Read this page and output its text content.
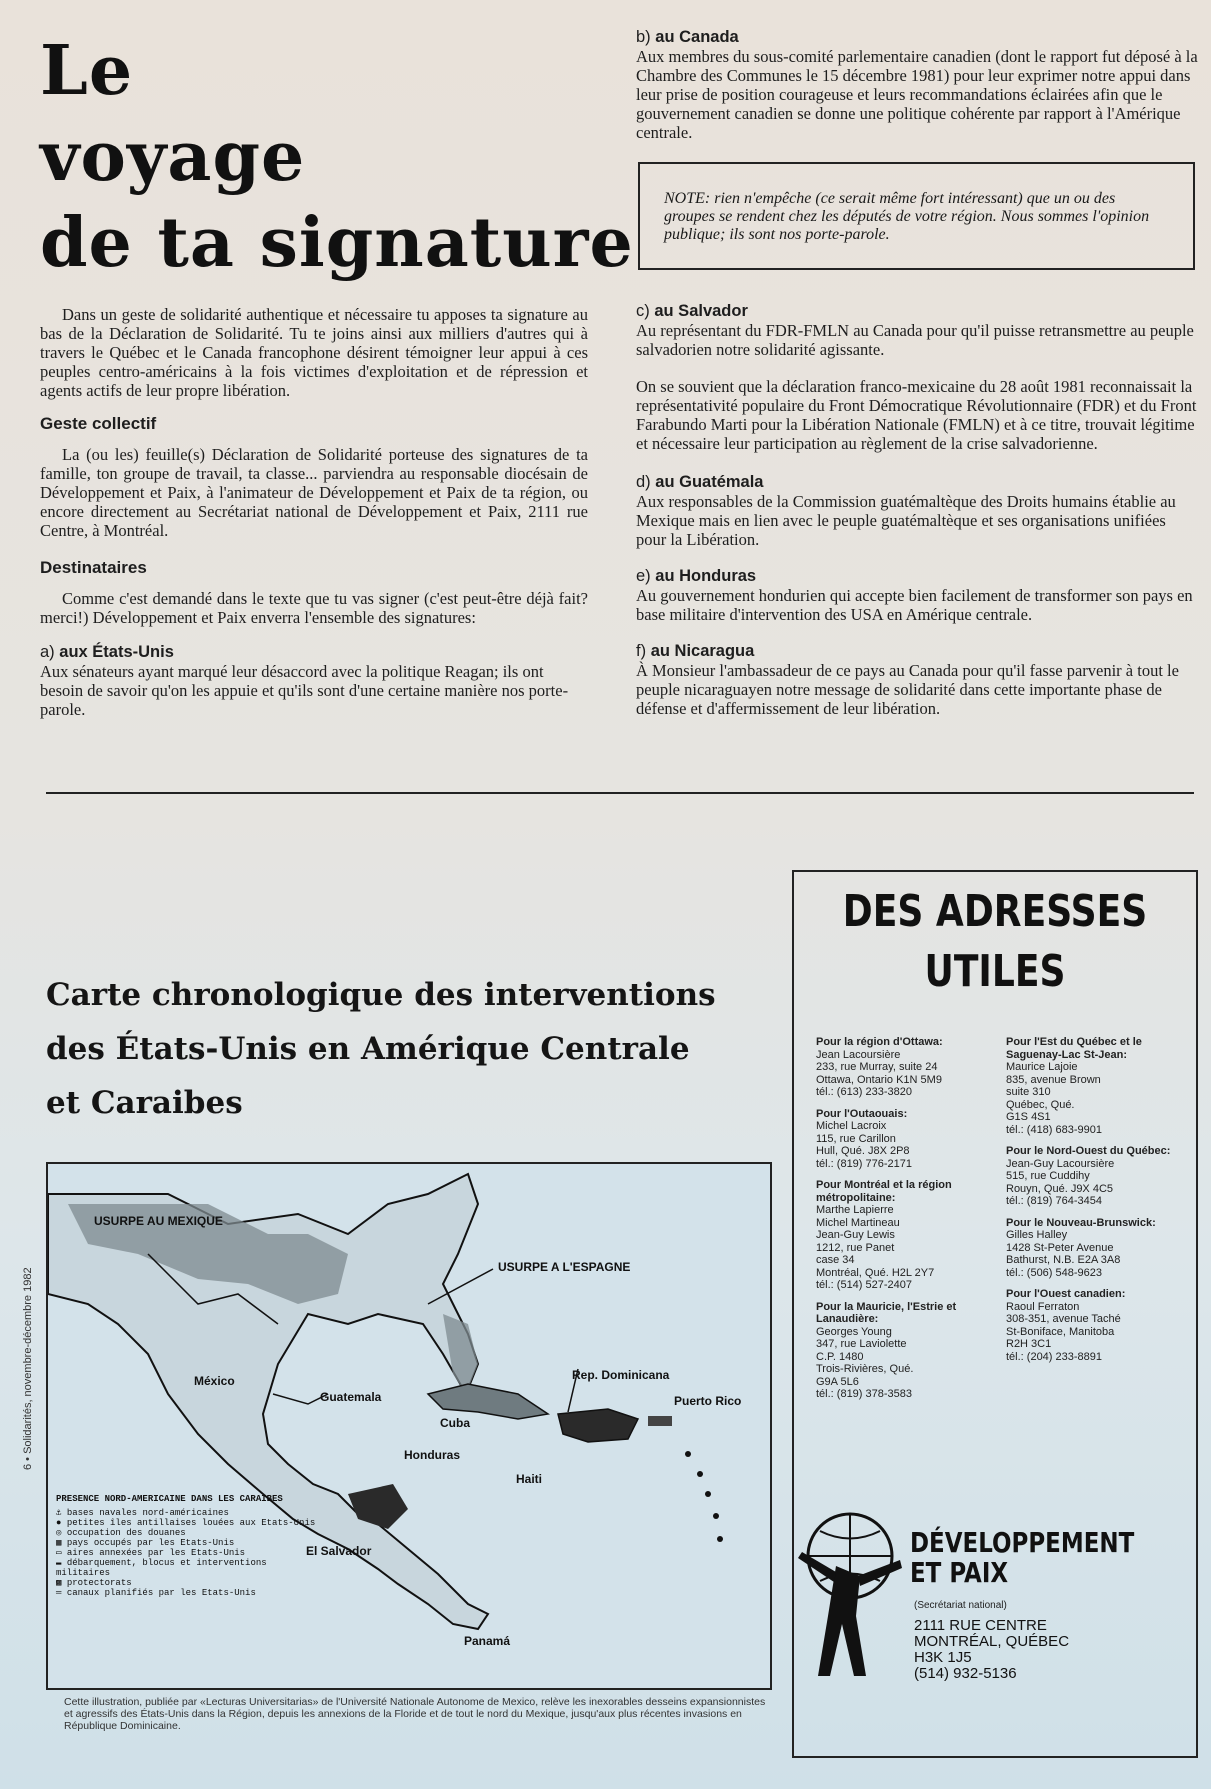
Le
voyage
de ta signature

Dans un geste de solidarité authentique et nécessaire tu apposes ta signature au bas de la Déclaration de Solidarité. Tu te joins ainsi aux milliers d'autres qui à travers le Québec et le Canada francophone désirent témoigner leur appui à ces peuples centro-américains à la fois victimes d'exploitation et de répression et agents actifs de leur propre libération.

Geste collectif

La (ou les) feuille(s) Déclaration de Solidarité porteuse des signatures de ta famille, ton groupe de travail, ta classe... parviendra au responsable diocésain de Développement et Paix, à l'animateur de Développement et Paix de ta région, ou encore directement au Secrétariat national de Développement et Paix, 2111 rue Centre, à Montréal.

Destinataires

Comme c'est demandé dans le texte que tu vas signer (c'est peut-être déjà fait? merci!) Développement et Paix enverra l'ensemble des signatures:

a) aux États-Unis
Aux sénateurs ayant marqué leur désaccord avec la politique Reagan; ils ont besoin de savoir qu'on les appuie et qu'ils sont d'une certaine manière nos porte-parole.
b) au Canada
Aux membres du sous-comité parlementaire canadien (dont le rapport fut déposé à la Chambre des Communes le 15 décembre 1981) pour leur exprimer notre appui dans leur prise de position courageuse et leurs recommandations éclairées afin que le gouvernement canadien se donne une politique cohérente par rapport à l'Amérique centrale.
NOTE: rien n'empêche (ce serait même fort intéressant) que un ou des groupes se rendent chez les députés de votre région. Nous sommes l'opinion publique; ils sont nos porte-parole.
c) au Salvador
Au représentant du FDR-FMLN au Canada pour qu'il puisse retransmettre au peuple salvadorien notre solidarité agissante.

On se souvient que la déclaration franco-mexicaine du 28 août 1981 reconnaissait la représentativité populaire du Front Démocratique Révolutionnaire (FDR) et du Front Farabundo Marti pour la Libération Nationale (FMLN) et à ce titre, trouvait légitime et nécessaire leur participation au règlement de la crise salvadorienne.

d) au Guatémala
Aux responsables de la Commission guatémaltèque des Droits humains établie au Mexique mais en lien avec le peuple guatémaltèque et ses organisations unifiées pour la Libération.
e) au Honduras
Au gouvernement hondurien qui accepte bien facilement de transformer son pays en base militaire d'intervention des USA en Amérique centrale.
f) au Nicaragua
À Monsieur l'ambassadeur de ce pays au Canada pour qu'il fasse parvenir à tout le peuple nicaraguayen notre message de solidarité dans cette importante phase de défense et d'affermissement de leur libération.
Carte chronologique des interventions
des États-Unis en Amérique Centrale
et Caraibes
USURPE AU MEXIQUE
USURPE A L'ESPAGNE
México
Guatemala
Cuba
Honduras
Haiti
Rep. Dominicana
Puerto Rico
El Salvador
Panamá
PRESENCE NORD-AMERICAINE DANS LES CARAIBES
⚓ bases navales nord-américaines
● petites îles antillaises louées aux Etats-Unis
◎ occupation des douanes
▦ pays occupés par les Etats-Unis
▭ aires annexées par les Etats-Unis
▬ débarquement, blocus et interventions militaires
▩ protectorats
═ canaux planifiés par les Etats-Unis
Cette illustration, publiée par «Lecturas Universitarias» de l'Université Nationale Autonome de Mexico, relève les inexorables desseins expansionnistes et agressifs des États-Unis dans la Région, depuis les annexions de la Floride et de tout le nord du Mexique, jusqu'aux plus récentes invasions en République Dominicaine.
6 • Solidarités, novembre-décembre 1982
DES ADRESSES
UTILES
Pour la région d'Ottawa:
Jean Lacoursière
233, rue Murray, suite 24
Ottawa, Ontario K1N 5M9
tél.: (613) 233-3820
Pour l'Outaouais:
Michel Lacroix
115, rue Carillon
Hull, Qué. J8X 2P8
tél.: (819) 776-2171
Pour Montréal et la région métropolitaine:
Marthe Lapierre
Michel Martineau
Jean-Guy Lewis
1212, rue Panet
case 34
Montréal, Qué. H2L 2Y7
tél.: (514) 527-2407
Pour la Mauricie, l'Estrie et Lanaudière:
Georges Young
347, rue Laviolette
C.P. 1480
Trois-Rivières, Qué.
G9A 5L6
tél.: (819) 378-3583
Pour l'Est du Québec et le Saguenay-Lac St-Jean:
Maurice Lajoie
835, avenue Brown
suite 310
Québec, Qué.
G1S 4S1
tél.: (418) 683-9901
Pour le Nord-Ouest du Québec:
Jean-Guy Lacoursière
515, rue Cuddihy
Rouyn, Qué. J9X 4C5
tél.: (819) 764-3454
Pour le Nouveau-Brunswick:
Gilles Halley
1428 St-Peter Avenue
Bathurst, N.B. E2A 3A8
tél.: (506) 548-9623
Pour l'Ouest canadien:
Raoul Ferraton
308-351, avenue Taché
St-Boniface, Manitoba
R2H 3C1
tél.: (204) 233-8891
DÉVELOPPEMENT
ET PAIX
(Secrétariat national)
2111 RUE CENTRE
MONTRÉAL, QUÉBEC
H3K 1J5
(514) 932-5136
